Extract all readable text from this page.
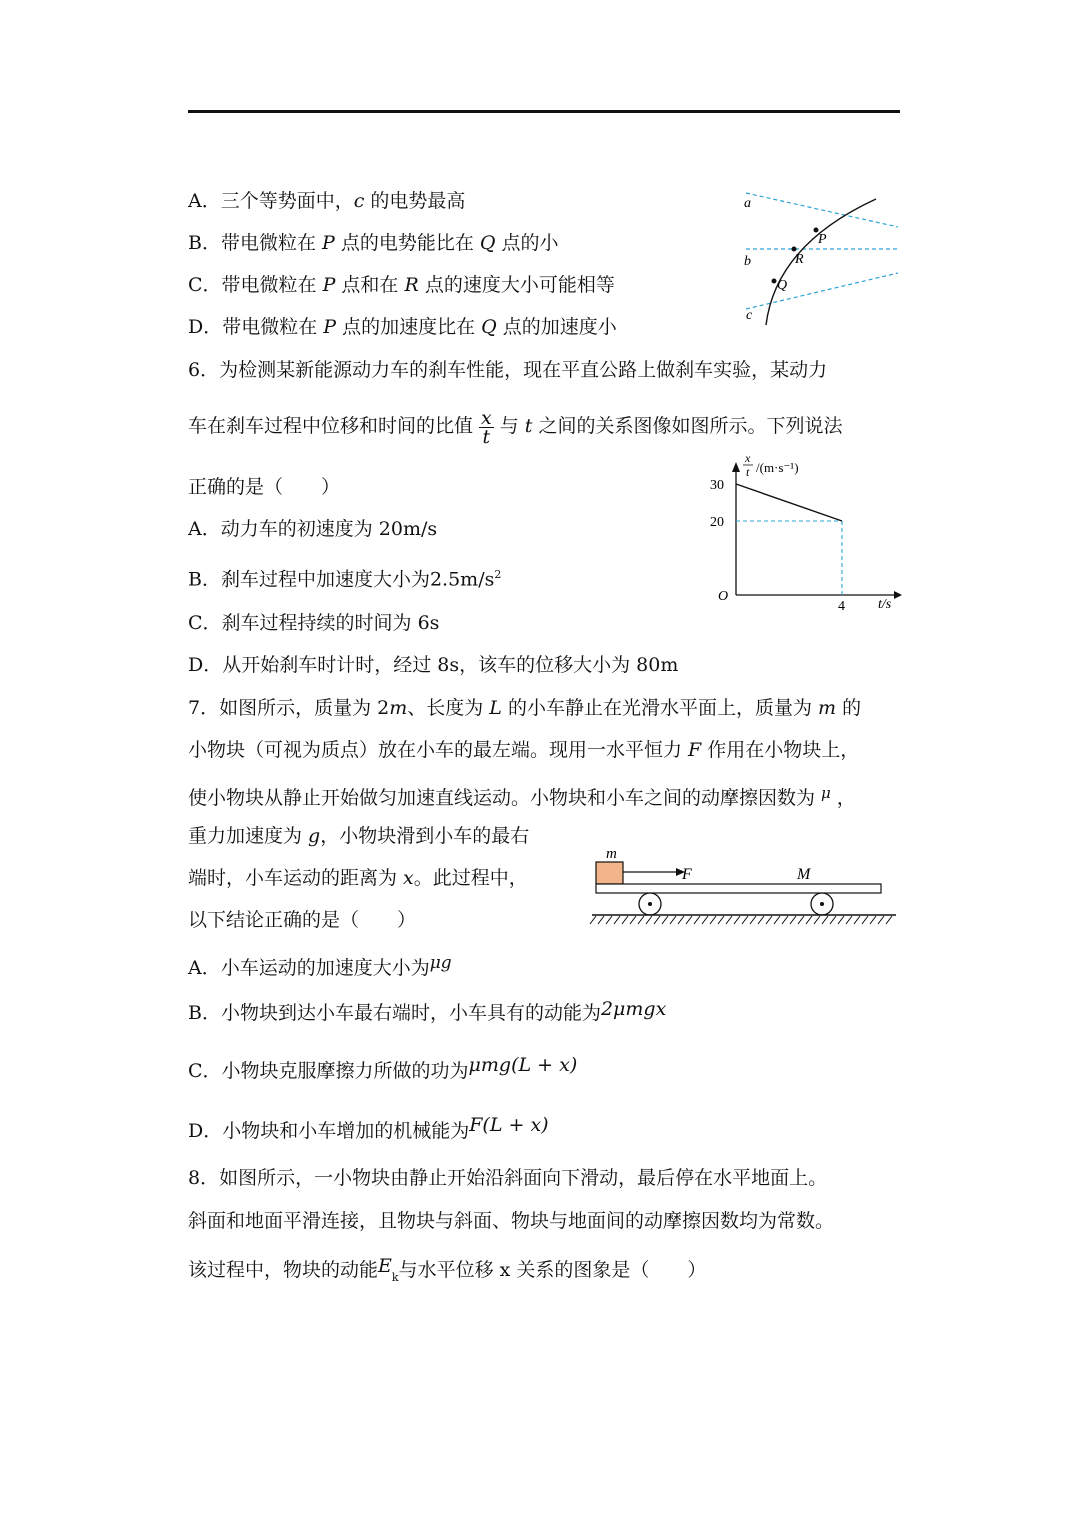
A．三个等势面中，c 的电势最高
B．带电微粒在 P 点的电势能比在 Q 点的小
C．带电微粒在 P 点和在 R 点的速度大小可能相等
D．带电微粒在 P 点的加速度比在 Q 点的加速度小
a
b
c
P
R
Q
6．为检测某新能源动力车的刹车性能，现在平直公路上做刹车实验，某动力
车在刹车过程中位移和时间的比值 $\frac{x}{t}$ 与 t 之间的关系图像如图所示。下列说法
正确的是（　　）
A．动力车的初速度为 20m/s
B．刹车过程中加速度大小为$2.5m/s^2$
C．刹车过程持续的时间为 6s
D．从开始刹车时计时，经过 8s，该车的位移大小为 80m
30
20
4
x
t /(m·s⁻¹)
O
t/s
7．如图所示，质量为 2m、长度为 L 的小车静止在光滑水平面上，质量为 m 的
小物块（可视为质点）放在小车的最左端。现用一水平恒力 F 作用在小物块上，
使小物块从静止开始做匀加速直线运动。小物块和小车之间的动摩擦因数为 $^\mu$ ，
重力加速度为 g，小物块滑到小车的最右
端时，小车运动的距离为 x。此过程中，
以下结论正确的是（　　）
m
F	M
A．小车运动的加速度大小为μg
B．小物块到达小车最右端时，小车具有的动能为2μmgx
C．小物块克服摩擦力所做的功为μmg(L + x)
D．小物块和小车增加的机械能为F(L + x)
8．如图所示，一小物块由静止开始沿斜面向下滑动，最后停在水平地面上。
斜面和地面平滑连接，且物块与斜面、物块与地面间的动摩擦因数均为常数。
该过程中，物块的动能$E_k$与水平位移 x 关系的图象是（　　）
